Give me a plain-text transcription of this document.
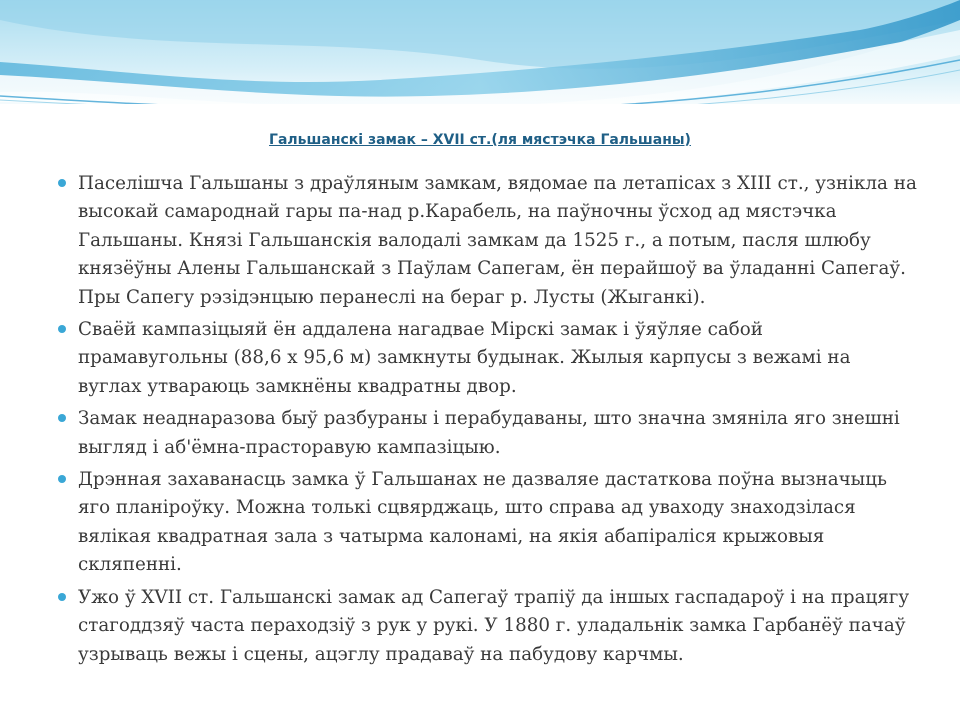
Гальшанскі замак – XVII ст.(ля мястэчка Гальшаны)
Паселішча Гальшаны з драўляным замкам, вядомае па летапісах з XIII ст., узнікла на высокай самароднай гары па-над р.Карабель, на паўночны ўсход ад мястэчка Гальшаны. Князі Гальшанскія валодалі замкам да 1525 г., а потым, пасля шлюбу князёўны Алены Гальшанскай з Паўлам Сапегам, ён перайшоў ва ўладанні Сапегаў. Пры Сапегу рэзідэнцыю перанеслі на бераг р. Лусты (Жыганкі).
Сваёй кампазіцыяй ён аддалена нагадвае Мірскі замак і ўяўляе сабой прамавугольны (88,6 х 95,6 м) замкнуты будынак. Жылыя карпусы з вежамі на вуглах утвараюць замкнёны квадратны двор.
Замак неаднаразова быў разбураны і перабудаваны, што значна змяніла яго знешні выгляд і аб'ёмна-прасторавую кампазіцыю.
Дрэнная захаванасць замка ў Гальшанах не дазваляе дастаткова поўна вызначыць яго планіроўку. Можна толькі сцвярджаць, што справа ад уваходу знаходзілася вялікая квадратная зала з чатырма калонамі, на якія абапіраліся крыжовыя скляпенні.
Ужо ў XVII ст. Гальшанскі замак ад Сапегаў трапіў да іншых гаспадароў і на працягу стагоддзяў часта пераходзіў з рук у рукі. У 1880 г. уладальнік замка Гарбанёў пачаў узрываць вежы і сцены, ацэглу прадаваў на пабудову карчмы.
